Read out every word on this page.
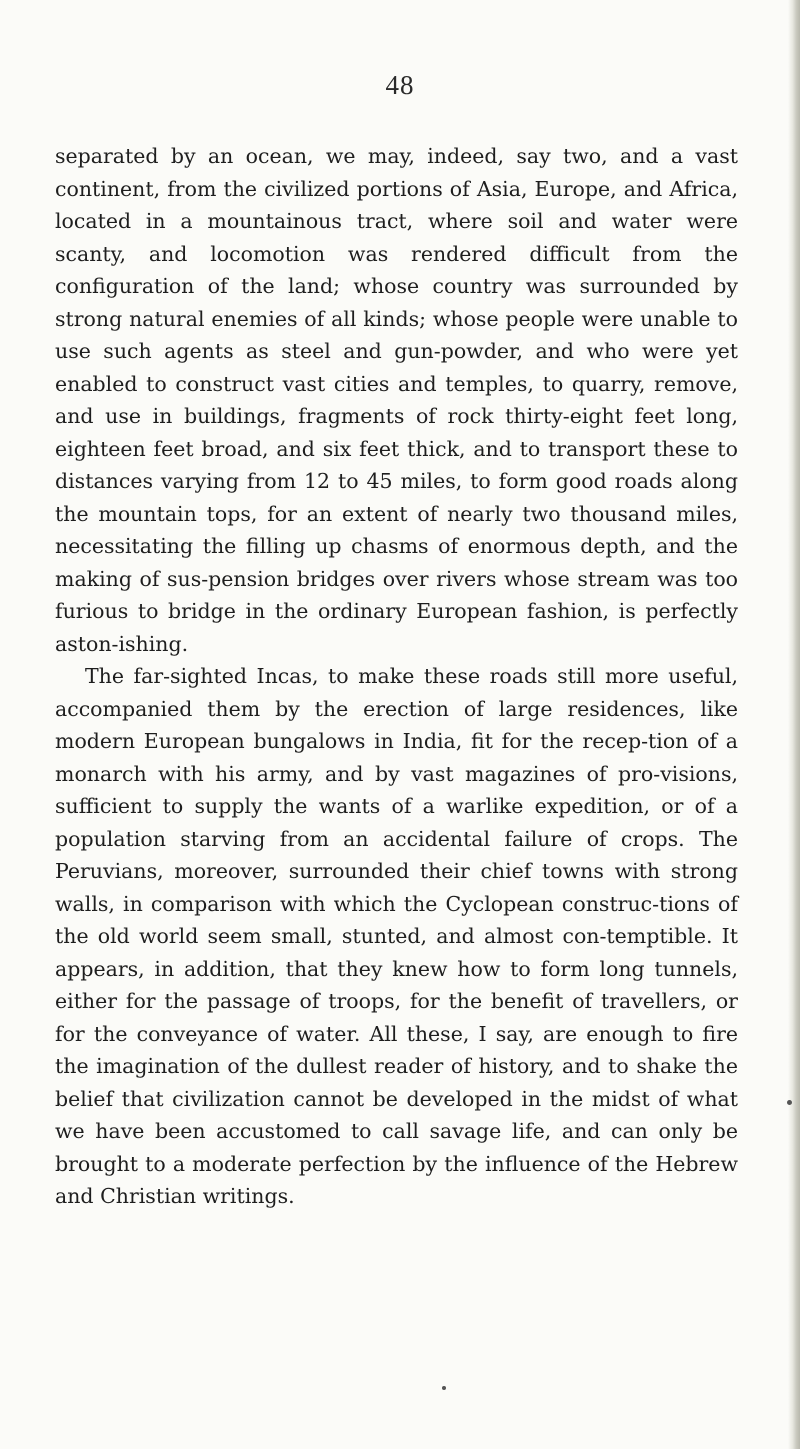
48

separated by an ocean, we may, indeed, say two, and a vast continent, from the civilized portions of Asia, Europe, and Africa, located in a mountainous tract, where soil and water were scanty, and locomotion was rendered difficult from the configuration of the land; whose country was surrounded by strong natural enemies of all kinds; whose people were unable to use such agents as steel and gun-powder, and who were yet enabled to construct vast cities and temples, to quarry, remove, and use in buildings, fragments of rock thirty-eight feet long, eighteen feet broad, and six feet thick, and to transport these to distances varying from 12 to 45 miles, to form good roads along the mountain tops, for an extent of nearly two thousand miles, necessitating the filling up chasms of enormous depth, and the making of sus-pension bridges over rivers whose stream was too furious to bridge in the ordinary European fashion, is perfectly aston-ishing.

The far-sighted Incas, to make these roads still more useful, accompanied them by the erection of large residences, like modern European bungalows in India, fit for the recep-tion of a monarch with his army, and by vast magazines of pro-visions, sufficient to supply the wants of a warlike expedition, or of a population starving from an accidental failure of crops. The Peruvians, moreover, surrounded their chief towns with strong walls, in comparison with which the Cyclopean construc-tions of the old world seem small, stunted, and almost con-temptible. It appears, in addition, that they knew how to form long tunnels, either for the passage of troops, for the benefit of travellers, or for the conveyance of water. All these, I say, are enough to fire the imagination of the dullest reader of history, and to shake the belief that civilization cannot be developed in the midst of what we have been accustomed to call savage life, and can only be brought to a moderate perfection by the influence of the Hebrew and Christian writings.
